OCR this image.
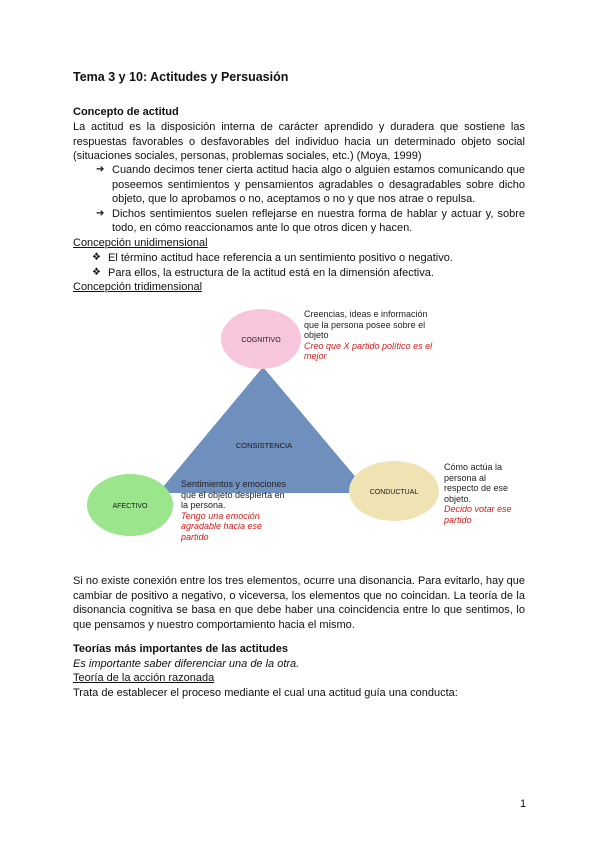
Tema 3 y 10: Actitudes y Persuasión
Concepto de actitud
La actitud es la disposición interna de carácter aprendido y duradera que sostiene las respuestas favorables o desfavorables del individuo hacia un determinado objeto social (situaciones sociales, personas, problemas sociales, etc.) (Moya, 1999)
➔ Cuando decimos tener cierta actitud hacia algo o alguien estamos comunicando que poseemos sentimientos y pensamientos agradables o desagradables sobre dicho objeto, que lo aprobamos o no, aceptamos o no y que nos atrae o repulsa.
➔ Dichos sentimientos suelen reflejarse en nuestra forma de hablar y actuar y, sobre todo, en cómo reaccionamos ante lo que otros dicen y hacen.
Concepción unidimensional
❖ El término actitud hace referencia a un sentimiento positivo o negativo.
❖ Para ellos, la estructura de la actitud está en la dimensión afectiva.
Concepción tridimensional
CONSISTENCIA
COGNITIVO
AFECTIVO
CONDUCTUAL
Creencias, ideas e información que la persona posee sobre el objeto
Creo que X partido político es el mejor
Sentimientos y emociones que el objeto despierta en la persona.
Tengo una emoción agradable hacia ese partido
Cómo actúa la persona al respecto de ese objeto.
Decido votar ese partido
Si no existe conexión entre los tres elementos, ocurre una disonancia. Para evitarlo, hay que cambiar de positivo a negativo, o viceversa, los elementos que no coincidan. La teoría de la disonancia cognitiva se basa en que debe haber una coincidencia entre lo que sentimos, lo que pensamos y nuestro comportamiento hacia el mismo.
Teorías más importantes de las actitudes
Es importante saber diferenciar una de la otra.
Teoría de la acción razonada
Trata de establecer el proceso mediante el cual una actitud guía una conducta:
1
